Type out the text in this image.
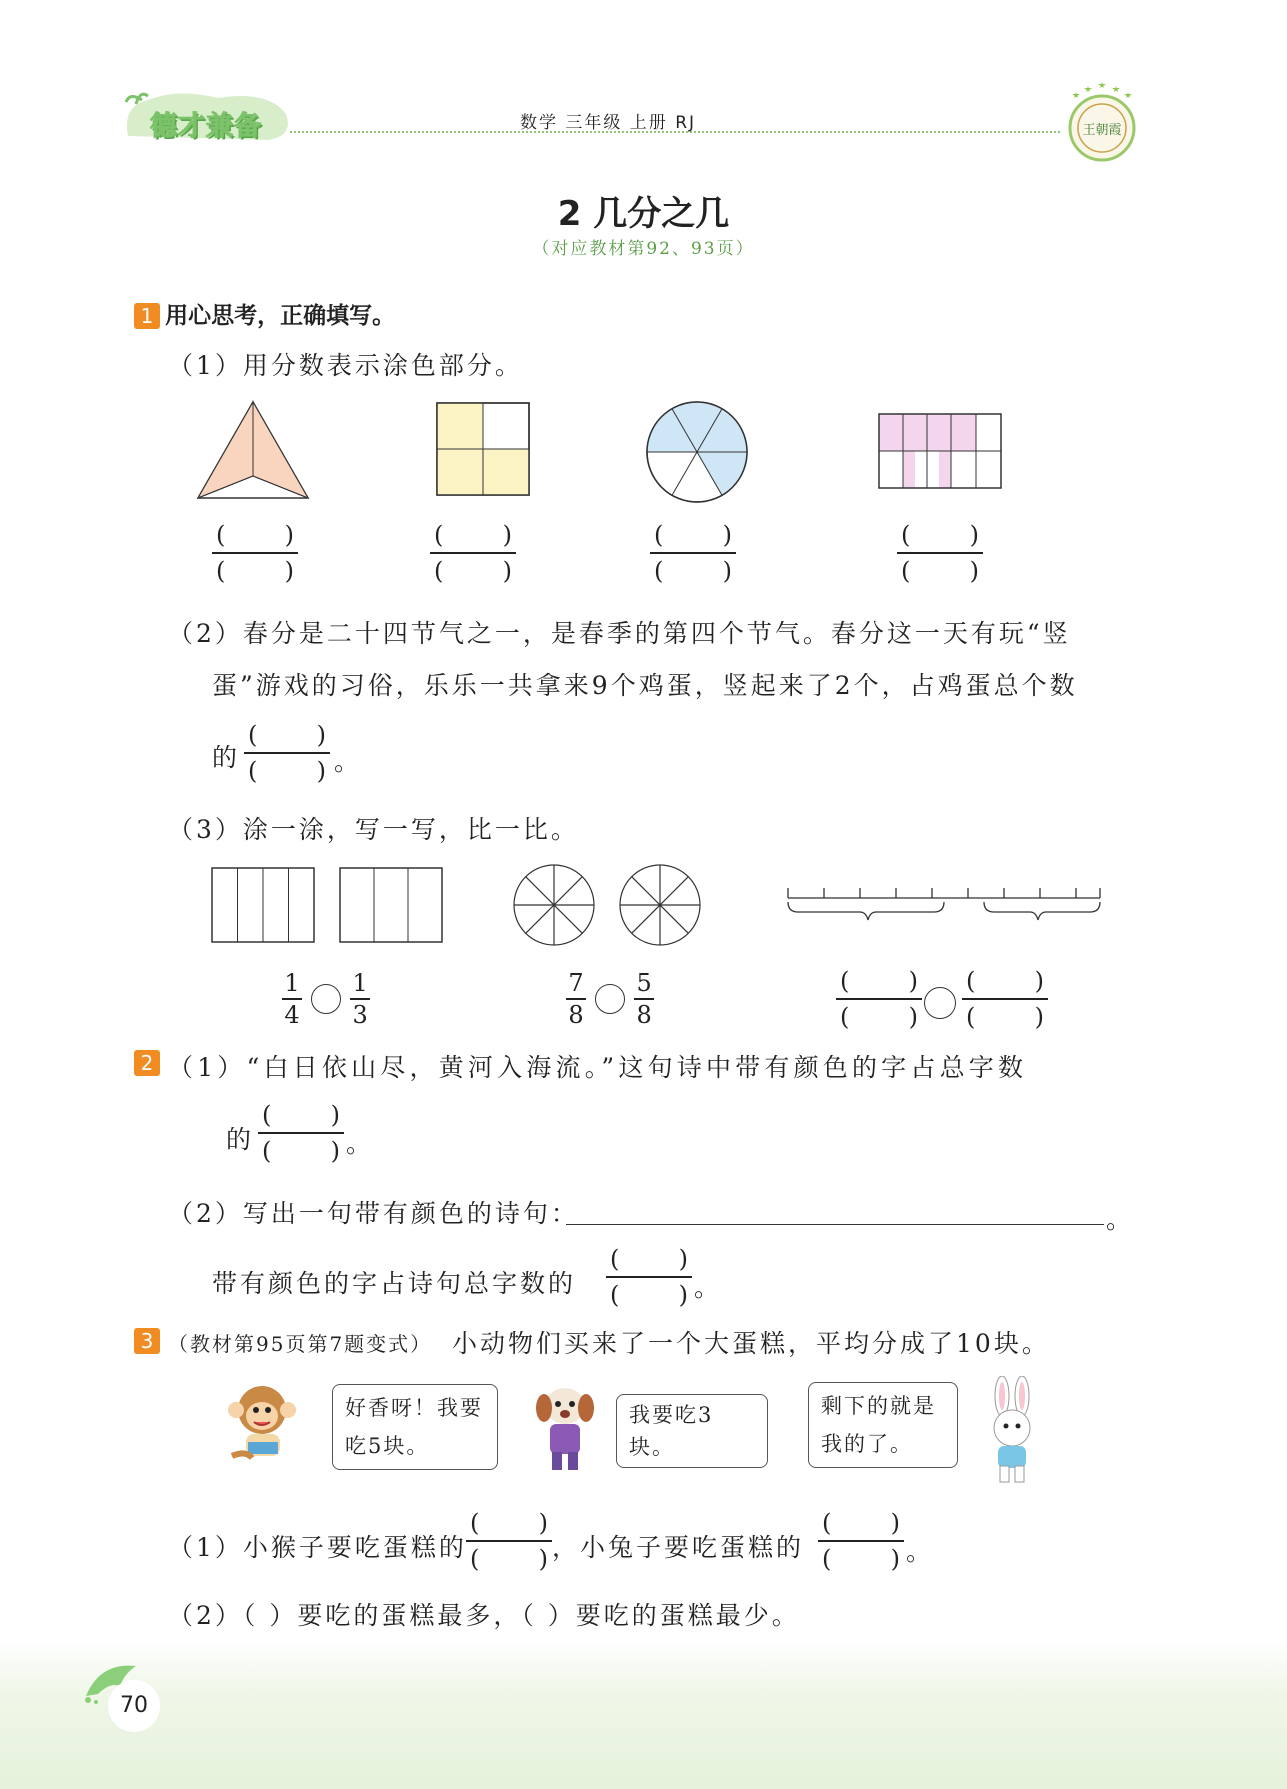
德才兼备	数学 三年级 上册 RJ	王朝霞
2 几分之几
（对应教材第92、93页）
1 用心思考，正确填写。
（1）用分数表示涂色部分。
( )
( )
( )
( )
( )
( )
( )
( )
（2）春分是二十四节气之一，是春季的第四个节气。春分这一天有玩“竖
蛋”游戏的习俗，乐乐一共拿来9个鸡蛋，竖起来了2个，占鸡蛋总个数
的
( )
( ) 。
（3）涂一涂，写一写，比一比。
$\frac{1}{4}$
$\frac{1}{3}$	$\frac{7}{8}$
$\frac{5}{8}$	( )
( )
( )
( )
2 （1）“白日依山尽，黄河入海流。”这句诗中带有颜色的字占总字数
的
( )
( ) 。
（2）写出一句带有颜色的诗句：	。
带有颜色的字占诗句总字数的
( )
( ) 。
3 （教材第95页第7题变式） 小动物们买来了一个大蛋糕，平均分成了10块。
好香呀！我要
吃5块。
我要吃3块。
剩下的就是
我的了。
（1）小猴子要吃蛋糕的
( )
( ) ，小兔子要吃蛋糕的
( )
( ) 。
（2）（ ）要吃的蛋糕最多，（ ）要吃的蛋糕最少。
70
